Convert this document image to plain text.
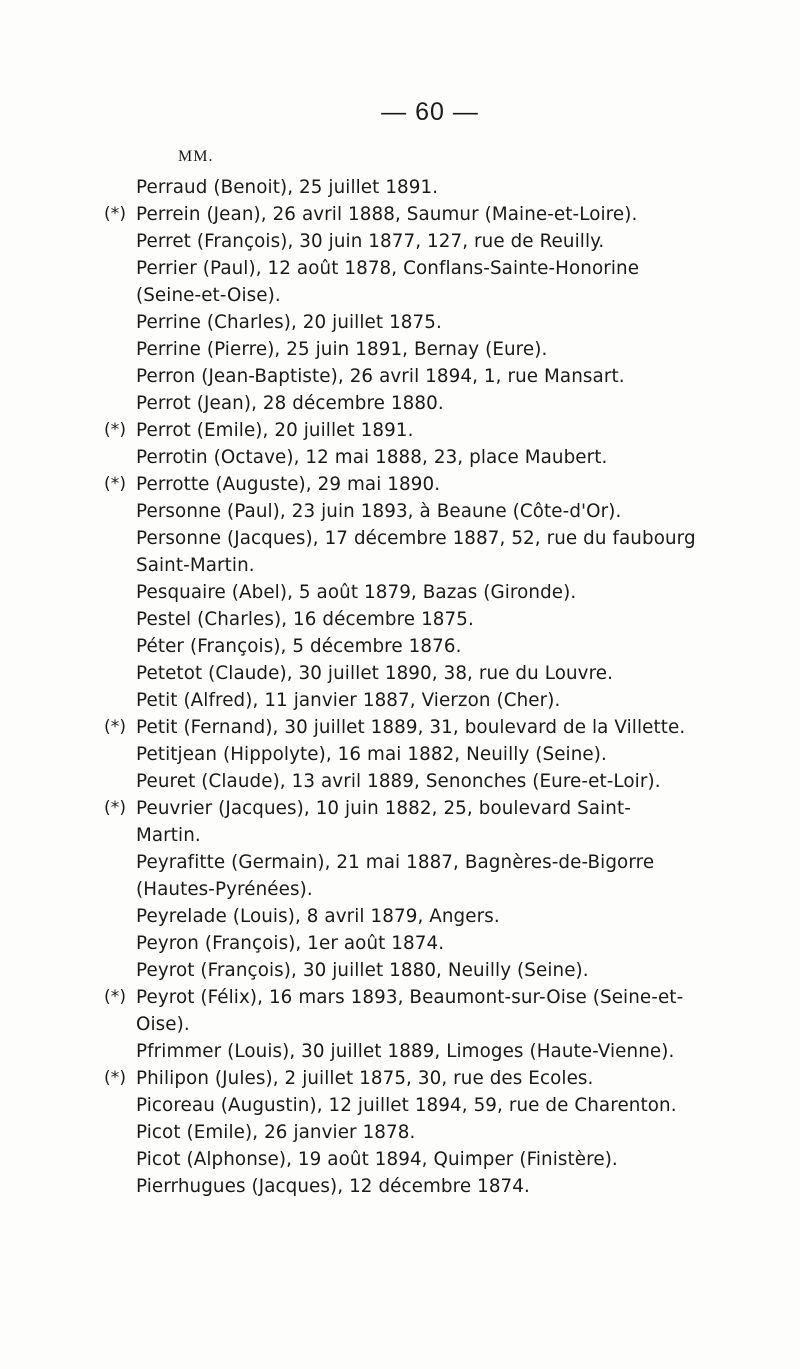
— 60 —
MM.
Perraud (Benoit), 25 juillet 1891.
(*) Perrein (Jean), 26 avril 1888, Saumur (Maine-et-Loire).
Perret (François), 30 juin 1877, 127, rue de Reuilly.
Perrier (Paul), 12 août 1878, Conflans-Sainte-Honorine
(Seine-et-Oise).
Perrine (Charles), 20 juillet 1875.
Perrine (Pierre), 25 juin 1891, Bernay (Eure).
Perron (Jean-Baptiste), 26 avril 1894, 1, rue Mansart.
Perrot (Jean), 28 décembre 1880.
(*) Perrot (Emile), 20 juillet 1891.
Perrotin (Octave), 12 mai 1888, 23, place Maubert.
(*) Perrotte (Auguste), 29 mai 1890.
Personne (Paul), 23 juin 1893, à Beaune (Côte-d'Or).
Personne (Jacques), 17 décembre 1887, 52, rue du faubourg
Saint-Martin.
Pesquaire (Abel), 5 août 1879, Bazas (Gironde).
Pestel (Charles), 16 décembre 1875.
Péter (François), 5 décembre 1876.
Petetot (Claude), 30 juillet 1890, 38, rue du Louvre.
Petit (Alfred), 11 janvier 1887, Vierzon (Cher).
(*) Petit (Fernand), 30 juillet 1889, 31, boulevard de la Villette.
Petitjean (Hippolyte), 16 mai 1882, Neuilly (Seine).
Peuret (Claude), 13 avril 1889, Senonches (Eure-et-Loir).
(*) Peuvrier (Jacques), 10 juin 1882, 25, boulevard Saint-
Martin.
Peyrafitte (Germain), 21 mai 1887, Bagnères-de-Bigorre
(Hautes-Pyrénées).
Peyrelade (Louis), 8 avril 1879, Angers.
Peyron (François), 1er août 1874.
Peyrot (François), 30 juillet 1880, Neuilly (Seine).
(*) Peyrot (Félix), 16 mars 1893, Beaumont-sur-Oise (Seine-et-
Oise).
Pfrimmer (Louis), 30 juillet 1889, Limoges (Haute-Vienne).
(*) Philipon (Jules), 2 juillet 1875, 30, rue des Ecoles.
Picoreau (Augustin), 12 juillet 1894, 59, rue de Charenton.
Picot (Emile), 26 janvier 1878.
Picot (Alphonse), 19 août 1894, Quimper (Finistère).
Pierrhugues (Jacques), 12 décembre 1874.
